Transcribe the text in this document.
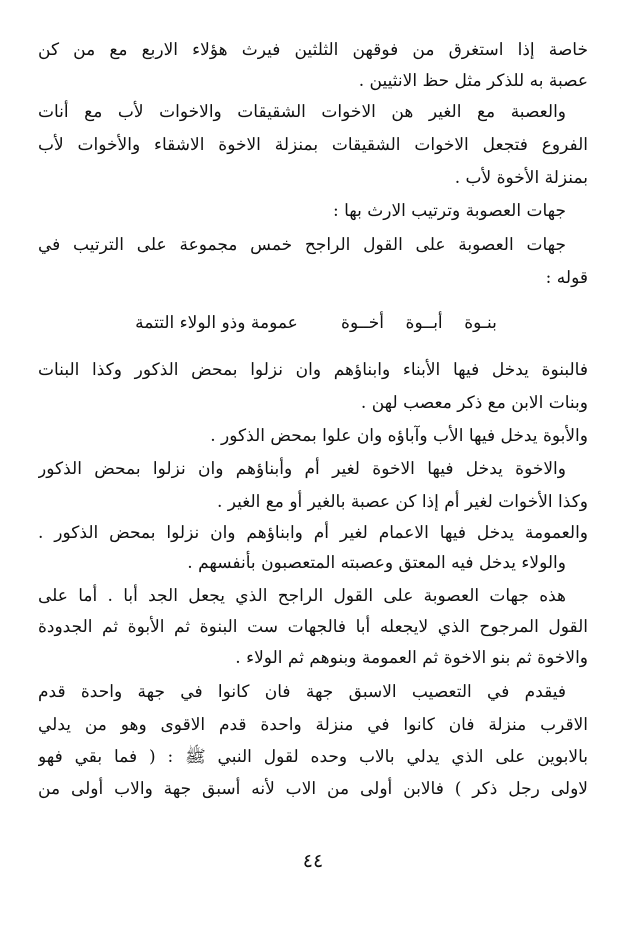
خاصة إذا استغرق من فوقهن الثلثين فيرث هؤلاء الاربع مع من كن
عصبة به للذكر مثل حظ الانثيين .
والعصبة مع الغير هن الاخوات الشقيقات والاخوات لأب مع أنات
الفروع فتجعل الاخوات الشقيقات بمنزلة الاخوة الاشقاء والأخوات لأب
بمنزلة الأخوة لأب .
جهات العصوبة وترتيب الارث بها :
جهات العصوبة على القول الراجح خمس مجموعة على الترتيب في
قوله :
بنـوة    أبــوة    أخــوة        عمومة وذو الولاء التتمة
فالبنوة يدخل فيها الأبناء وابناؤهم وان نزلوا بمحض الذكور وكذا البنات
وبنات الابن مع ذكر معصب لهن .
والأبوة يدخل فيها الأب وآباؤه وان علوا بمحض الذكور .
والاخوة يدخل فيها الاخوة لغير أم وأبناؤهم وان نزلوا بمحض الذكور
وكذا الأخوات لغير أم إذا كن عصبة بالغير أو مع الغير .
والعمومة يدخل فيها الاعمام لغير أم وابناؤهم وان نزلوا بمحض الذكور .
والولاء يدخل فيه المعتق وعصبته المتعصبون بأنفسهم .
هذه جهات العصوبة على القول الراجح الذي يجعل الجد أبا . أما على
القول المرجوح الذي لايجعله أبا فالجهات ست البنوة ثم الأبوة ثم الجدودة
والاخوة ثم بنو الاخوة ثم العمومة وبنوهم ثم الولاء .
فيقدم في التعصيب الاسبق جهة فان كانوا في جهة واحدة قدم
الاقرب منزلة فان كانوا في منزلة واحدة قدم الاقوى وهو من يدلي
بالابوين على الذي يدلي بالاب وحده لقول النبي ﷺ : ( فما بقي فهو
لاولى رجل ذكر ) فالابن أولى من الاب لأنه أسبق جهة والاب أولى من
٤٤
